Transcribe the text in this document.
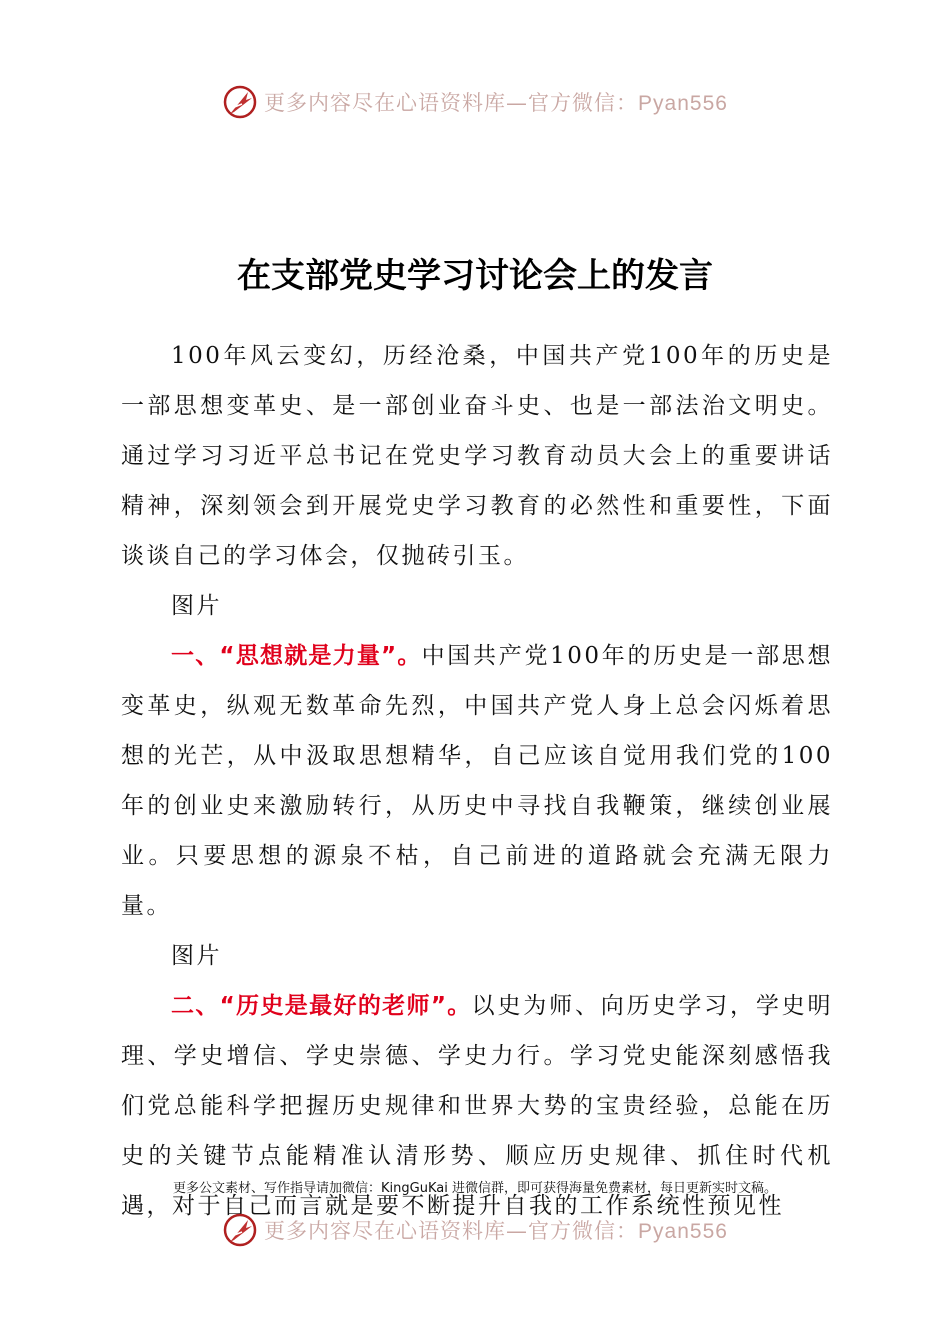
更多内容尽在心语资料库—官方微信：Pyan556
在支部党史学习讨论会上的发言

100年风云变幻，历经沧桑，中国共产党100年的历史是一部思想变革史、是一部创业奋斗史、也是一部法治文明史。通过学习习近平总书记在党史学习教育动员大会上的重要讲话精神，深刻领会到开展党史学习教育的必然性和重要性，下面谈谈自己的学习体会，仅抛砖引玉。

图片

一、“思想就是力量”。中国共产党100年的历史是一部思想变革史，纵观无数革命先烈，中国共产党人身上总会闪烁着思想的光芒，从中汲取思想精华，自己应该自觉用我们党的100年的创业史来激励转行，从历史中寻找自我鞭策，继续创业展业。只要思想的源泉不枯，自己前进的道路就会充满无限力量。

图片

二、“历史是最好的老师”。以史为师、向历史学习，学史明理、学史增信、学史崇德、学史力行。学习党史能深刻感悟我们党总能科学把握历史规律和世界大势的宝贵经验，总能在历史的关键节点能精准认清形势、顺应历史规律、抓住时代机遇，对于自己而言就是要不断提升自我的工作系统性预见性

更多公文素材、写作指导请加微信：KingGuKai 进微信群，即可获得海量免费素材，每日更新实时文稿。
更多内容尽在心语资料库—官方微信：Pyan556
